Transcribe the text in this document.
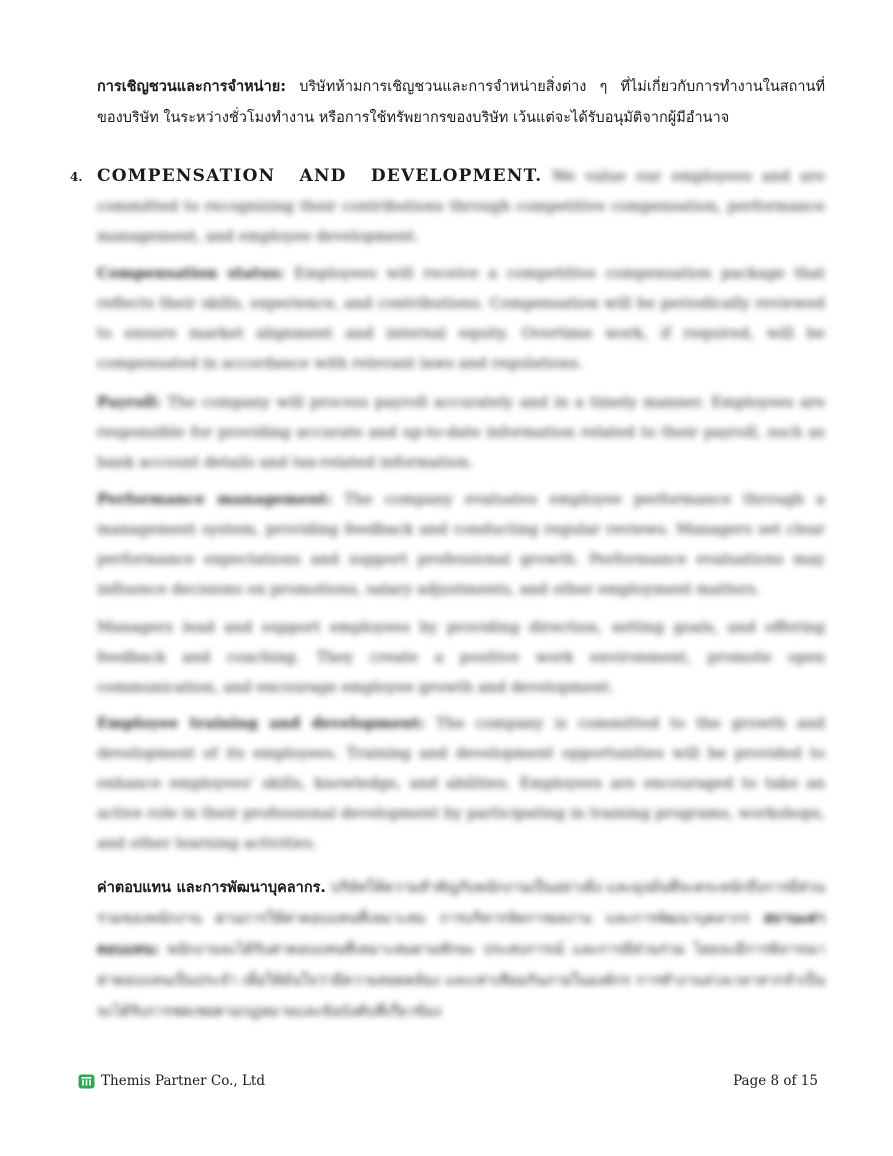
การเชิญชวนและการจำหน่าย: บริษัทห้ามการเชิญชวนและการจำหน่ายสิ่งต่าง ๆ ที่ไม่เกี่ยวกับการทำงานในสถานที่ของบริษัท ในระหว่างชั่วโมงทำงาน หรือการใช้ทรัพยากรของบริษัท เว้นแต่จะได้รับอนุมัติจากผู้มีอำนาจ

4. COMPENSATION AND DEVELOPMENT. We value our employees and are committed to recognizing their contributions through competitive compensation, performance management, and employee development.

Compensation status: Employees will receive a competitive compensation package that reflects their skills, experience, and contributions. Compensation will be periodically reviewed to ensure market alignment and internal equity. Overtime work, if required, will be compensated in accordance with relevant laws and regulations.

Payroll: The company will process payroll accurately and in a timely manner. Employees are responsible for providing accurate and up-to-date information related to their payroll, such as bank account details and tax-related information.

Performance management: The company evaluates employee performance through a management system, providing feedback and conducting regular reviews. Managers set clear performance expectations and support professional growth. Performance evaluations may influence decisions on promotions, salary adjustments, and other employment matters.

Managers lead and support employees by providing direction, setting goals, and offering feedback and coaching. They create a positive work environment, promote open communication, and encourage employee growth and development.

Employee training and development: The company is committed to the growth and development of its employees. Training and development opportunities will be provided to enhance employees' skills, knowledge, and abilities. Employees are encouraged to take an active role in their professional development by participating in training programs, workshops, and other learning activities.

ค่าตอบแทน และการพัฒนาบุคลากร. บริษัทให้ความสำคัญกับพนักงานเป็นอย่างยิ่ง และมุ่งมั่นที่จะตระหนักถึงการมีส่วนร่วมของพนักงาน ผ่านการให้ค่าตอบแทนที่เหมาะสม การบริหารจัดการผลงาน และการพัฒนาบุคลากร สถานะค่าตอบแทน: พนักงานจะได้รับค่าตอบแทนที่เหมาะสมตามทักษะ ประสบการณ์ และการมีส่วนร่วม โดยจะมีการพิจารณาค่าตอบแทนเป็นประจำ เพื่อให้มั่นใจว่ามีความสอดคล้อง และเท่าเทียมกันภายในองค์กร การทำงานล่วงเวลาหากจำเป็น จะได้รับการชดเชยตามกฎหมายและข้อบังคับที่เกี่ยวข้อง

Themis Partner Co., Ltd	Page 8 of 15
